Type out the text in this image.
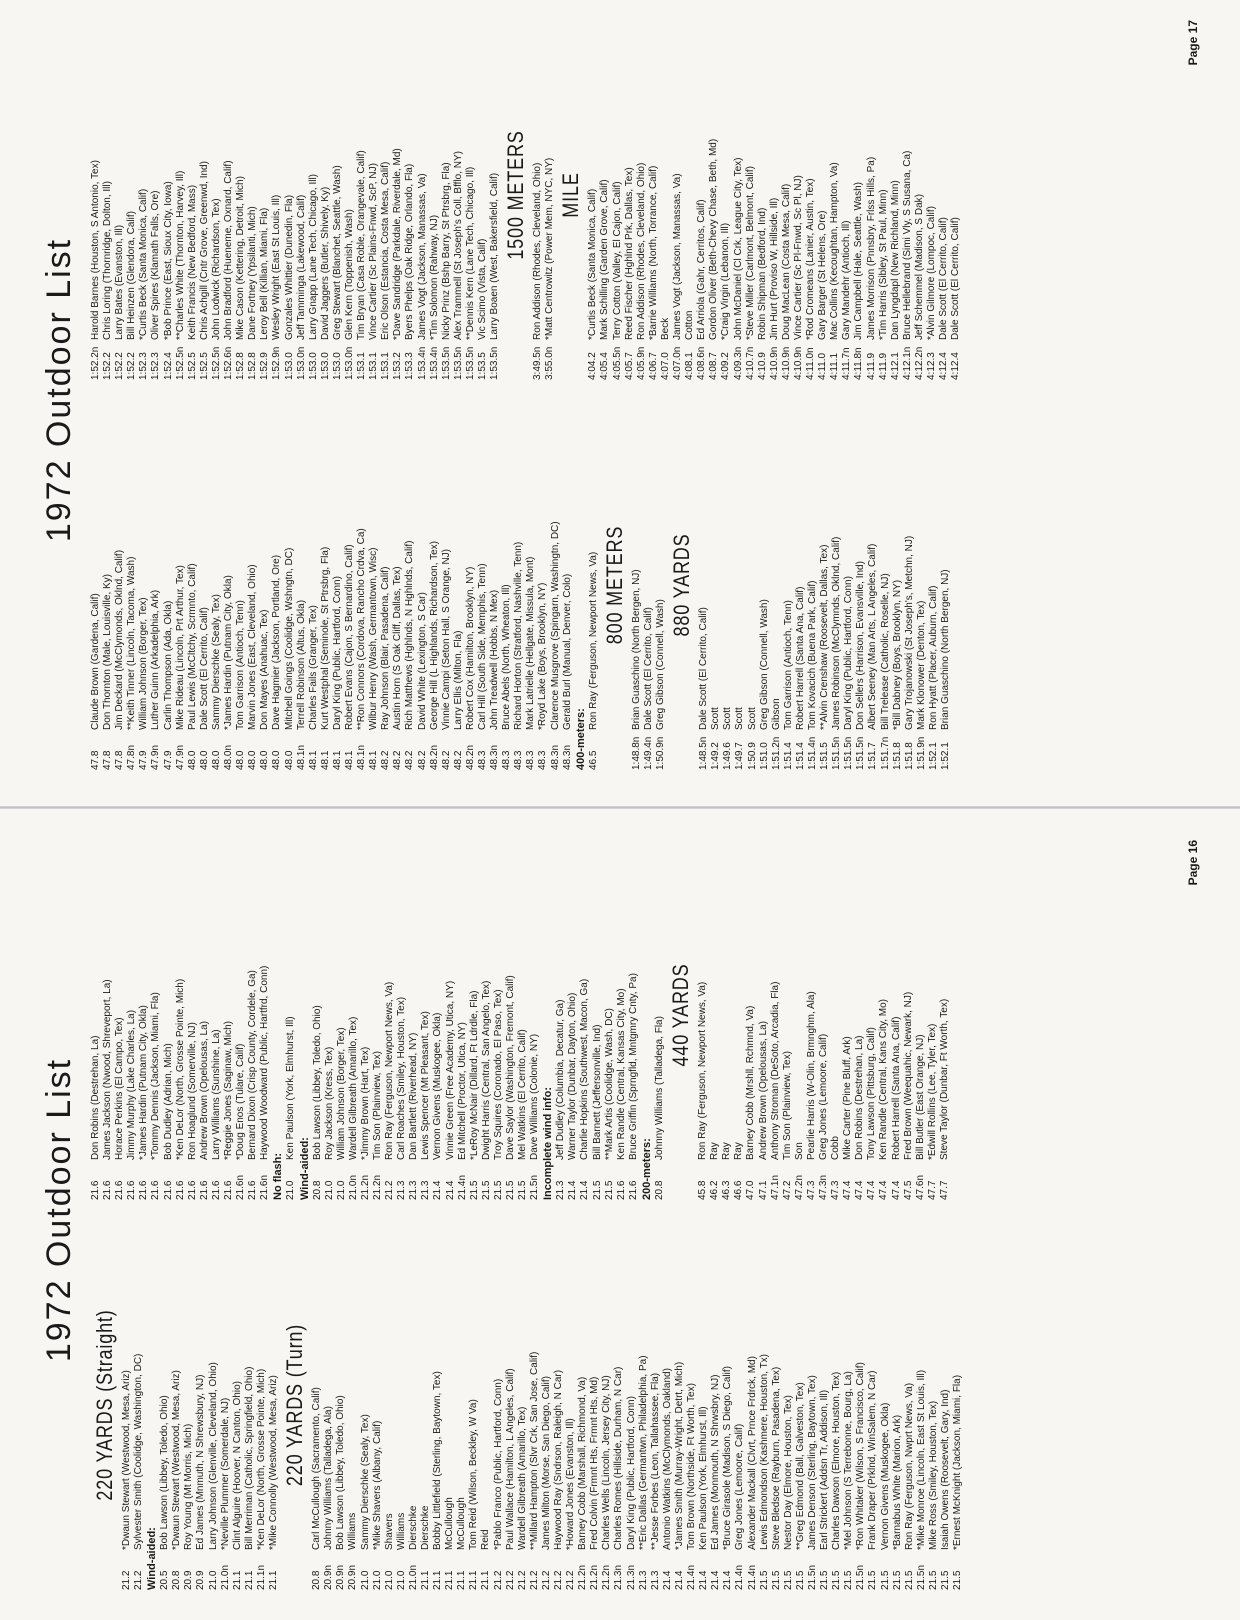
1972 Outdoor List
220 YARDS (Straight)
21.2
*Dwaun Stewart (Westwood, Mesa, Ariz)
21.2
Sylvester Smith (Coolidge, Washington, DC)
Wind-aided: 20.5
Bob Lawson (Libbey, Toledo, Ohio)
20.8
*Dwaun Stewart (Westwood, Mesa, Ariz)
20.9
Roy Young (Mt Morris, Mich)
20.9
Ed James (Mnmuth, N Shrewsbury, NJ)
21.0
Larry Johnson (Glenville, Cleveland, Ohio)
21.0n
*Neville Plummer (Somerdale, NJ)
21.1
Clint Alguire (Hoover, N Canton, Ohio)
21.1
Bill Merriman (Catholic, Springfield, Ohio)
21.1n
*Ken DeLor (North, Grosse Pointe, Mich)
21.1
*Mike Connolly (Westwood, Mesa, Ariz) 220 YARDS (Turn)
20.8
Carl McCullough (Sacramento, Calif)
20.9n
Johnny Williams (Talladega, Ala)
20.9n
Bob Lawson (Libbey, Toledo, Ohio)
20.9n
Williams
21.0
Sammy Dierschke (Sealy, Tex)
21.0
*Mike Shavers (Albany, Calif)
21.0
Shavers
21.0
Williams
21.0n
Dierschke
21.1
Dierschke
21.1
Bobby Littlefield (Sterling, Baytown, Tex)
21.1
McCullough
21.1
McCullough
21.1
Tom Reid (Wilson, Beckley, W Va)
21.1
Reid
21.2
*Pablo Franco (Public, Hartford, Conn)
21.2
Paul Wallace (Hamilton, L Angeles, Calif)
21.2
Wardell Gilbreath (Amarillo, Tex)
21.2
**Millard Hampton (Slvr Crk, San Jose, Calif)
21.2
James Milton (Morse, San Diego, Calif)
21.2
Haywood Ray (Sndrson, Raleigh, N Car)
21.2
*Howard Jones (Evanston, Ill)
21.2n
Barney Cobb (Marshall, Richmond, Va)
21.2n
Fred Colvin (Frmnt Hts, Frmnt Hts, Md)
21.2n
Charles Wells (Lincoln, Jersey City, NJ)
21.3n
Charles Romes (Hillside, Durham, N Car)
21.3n
Daryl King (Public, Hartford, Conn)
21.3
**Eric Dallas (Germantwn, Philadelphia, Pa)
21.3
**Jesse Forbes (Leon, Tallahassee, Fla)
21.4
Antonio Watkins (McClymonds, Oakland)
21.4
*James Smith (Murray-Wright, Detrt, Mich)
21.4n
Tom Brown (Northside, Ft Worth, Tex)
21.4
Ken Paulson (York, Elmhurst, Ill)
21.4
Ed James (Monmouth, N Shrwsbry, NJ)
21.4
*Bruce Girasole (Madison, S Diego, Calif)
21.4n
Greg Jones (Lemoore, Calif)
21.4n
Alexander Mackall (Clvrt, Prnce Frdrck, Md)
21.5
Lewis Edmondson (Kashmere, Houston, Tx)
21.5
Steve Bledsoe (Rayburn, Pasadena, Tex)
21.5
Nestor Day (Elmore, Houston, Tex)
21.5
**Greg Edmond (Ball, Galveston, Tex)
21.5n
James Denson (Sterling, Baytown, Tex)
21.5
Earl Strickert (Addsn Tr, Addison, Ill)
21.5
Charles Dawson (Elmore, Houston, Tex)
21.5
*Mel Johnson (S Terrebonne, Bourg, La)
21.5n
*Ron Whitaker (Wilson, S Francisco, Calif)
21.5
Frank Draper (Prklnd, WinSalem, N Car)
21.5
Vernon Givens (Muskogee, Okla)
21.5
*Barnabus White (Marion, Ark)
21.5
Ron Ray (Ferguson, Nwprt News, Va)
21.5n
*Mike Monroe (Lincoln, East St Louis, Ill)
21.5
Mike Ross (Smiley, Houston, Tex)
21.5
Isaiah Owens (Roosevelt, Gary, Ind)
21.5
*Ernest McKnight (Jackson, Miami, Fla)
21.6
Don Robins (Destrehan, La)
21.6
James Jackson (Nwood, Shreveport, La)
21.6
Horace Perkins (El Campo, Tex)
21.6
Jimmy Murphy (Lake Charles, La)
21.6
*James Hardin (Putnam City, Okla)
21.6
*Tommy Dennis (Jackson, Miami, Fla)
21.6
Bob Dudley (Adrian, Mich)
21.6
*Ken DeLor (North, Grosse Pointe, Mich)
21.6
Ron Hoaglund (Somerville, NJ)
21.6
Andrew Brown (Opelousas, La)
21.6
Larry Williams (Sunshine, La)
21.6
*Reggie Jones (Saginaw, Mich)
21.6n
*Doug Enos (Tulare, Calif)
21.6
Bernard Dixon (Crisp County, Cordele, Ga)
21.6n
Haywood Woodward (Public, Hartfrd, Conn)
No flash: 21.0
Ken Paulson (York, Elmhurst, Ill)
Wind-aided: 20.8
Bob Lawson (Libbey, Toledo, Ohio)
21.0
Roy Jackson (Kress, Tex)
21.0
William Johnson (Borger, Tex)
21.0n
Wardell Gilbreath (Amarillo, Tex)
21.2n
*Jimmy Brown (Hart, Tex)
21.2n
Tim Son (Plainview, Tex)
21.2
Ron Ray (Ferguson, Newport News, Va)
21.3
Carl Roaches (Smiley, Houston, Tex)
21.3
Dan Bartlett (Riverhead, NY)
21.3
Lewis Spencer (Mt Pleasant, Tex)
21.4
Vernon Givens (Muskogee, Okla)
21.4
Vinnie Green (Free Academy, Utica, NY)
21.4n
Ed Mitchell (Proctor, Utica, NY)
21.5
*LeRoy McNair (Dillard, Ft Ldrdle, Fla)
21.5
Dwight Harris (Central, San Angelo, Tex)
21.5
Troy Squires (Coronado, El Paso, Tex)
21.5
Dave Saylor (Washington, Fremont, Calif)
21.5
Mel Watkins (El Cerrito, Calif)
21.5n
Dave Williams (Colonie, NY) Incomplete wind info: 21.3
Jeff Dudley (Columbia, Decatur, Ga)
21.4
Warner Taylor (Dunbar, Dayton, Ohio)
21.4
Charlie Hopkins (Southwest, Macon, Ga)
21.5
Bill Barnett (Jeffersonville, Ind)
21.5
**Mark Artis (Coolidge, Wash, DC)
21.6
Ken Randle (Central, Kansas City, Mo)
21.6
Bruce Griffin (Sprngfld, Mntgmry Cnty, Pa)
200-meters: 20.8
Johnny Williams (Talladega, Fla)
440 YARDS
45.8
Ron Ray (Ferguson, Newport News, Va)
46.2
Ray
46.3
Ray
46.6
Ray
47.0
Barney Cobb (Mrshll, Rchmnd, Va)
47.1
Andrew Brown (Opelousas, La)
47.1n
Anthony Stroman (DeSoto, Arcadia, Fla)
47.2
Tim Son (Plainview, Tex)
47.2n
Son
47.3
Pearlie Harris (W-Olin, Brmnghm, Ala)
47.3n
Greg Jones (Lemoore, Calif)
47.3
Cobb
47.4
Mike Carter (Pine Bluff, Ark)
47.4
Don Robins (Destrehan, La)
47.4
Tony Lawson (Pittsburg, Calif)
47.4
Ken Randle (Central, Kans City, Mo)
47.4
Robert Harrell (Santa Ana, Calif)
47.5
Fred Brown (Weequahic, Newark, NJ)
47.6n
Bill Butler (East Orange, NJ)
47.7
*Edwill Rollins (Lee, Tyler, Tex)
47.7
Steve Taylor (Dunbar, Ft Worth, Tex)
Page 16
1972 Outdoor List
47.8
Claude Brown (Gardena, Calif)
47.8
Don Thornton (Male, Louisville, Ky)
47.8
Jim Deckard (McClymonds, Oklnd, Calif)
47.8n
**Keith Tinner (Lincoln, Tacoma, Wash)
47.9
William Johnson (Borger, Tex)
47.9n
Luther Guinn (Arkadelphia, Ark)
47.9
Carlin Thompson (Ada, Okla)
47.9n
Mike Rideau (Lincoln, Prt Arthur, Tex)
48.0
Paul Lewis (McCltchy, Scrmnto, Calif)
48.0
Dale Scott (El Cerrito, Calif)
48.0
Sammy Dierschke (Sealy, Tex)
48.0n
*James Hardin (Putnam City, Okla)
48.0
Tom Garrison (Antioch, Tenn)
48.0
Marvin Jones (East, Cleveland, Ohio)
48.0
Don Mayes (Anahuac, Tex)
48.0
Dave Hagmier (Jackson, Portland, Ore)
48.0
Mitchell Goings (Coolidge, Wshngtn, DC)
48.1n
Terrell Robinson (Altus, Okla)
48.1
Charles Fails (Granger, Tex)
48.1
Kurt Westphal (Seminole, St Ptrsbrg, Fla)
48.1
Daryl King (Public, Hartford, Conn)
48.1
Robert Evans (Cajon, S Bernardino, Calif)
48.1n
**Ron Connors (Cordova, Rancho Crdva, Ca)
48.1
Wilbur Henry (Wash, Germantown, Wisc)
48.2
Ray Johnson (Blair, Pasadena, Calif)
48.2
Austin Horn (S Oak Cliff, Dallas, Tex)
48.2
Rich Matthews (Hghlnds, N Hghlnds, Calif)
48.2
David White (Lexington, S Car)
48.2n
George Hill (L Highlands, Richardson, Tex)
48.2
Vinnie Campi (Seton Hall, S Orange, NJ)
48.2
Larry Ellis (Milton, Fla)
48.2n
Robert Cox (Hamilton, Brooklyn, NY)
48.3
Carl Hill (South Side, Memphis, Tenn)
48.3n
John Treadwell (Hobbs, N Mex)
48.3
Bruce Abels (North, Wheaton, Ill)
48.3
Richard Horton (Stratford, Nashville, Tenn)
48.3
Mark Latrielle (Hellgate, Missula, Mont)
48.3
*Royd Lake (Boys, Brooklyn, NY)
48.3n
Clarence Musgrove (Spingarn, Washingtn, DC)
48.3n
Gerald Burl (Manual, Denver, Colo)
400-meters: 46.5
Ron Ray (Ferguson, Newport News, Va) 800 METERS
1:48.8n
Brian Guaschino (North Bergen, NJ)
1:49.4n
Dale Scott (El Cerrito, Calif)
1:50.9n
Greg Gibson (Connell, Wash)
880 YARDS
1:48.5n
Dale Scott (El Cerrito, Calif)
1:49.2
Scott
1:49.6
Scott
1:49.7
Scott
1:50.9
Scott
1:51.0
Greg Gibson (Connell, Wash)
1:51.2n
Gibson
1:51.4
Tom Garrison (Antioch, Tenn)
1:51.4
Robert Harrell (Santa Ana, Calif)
1:51.4n
Tom Kovacich (Buena Park, Calif)
1:51.5
**Alvin Crenshaw (Roosevelt, Dallas, Tex)
1:51.5n
James Robinson (McClymnds, Oklnd, Calif)
1:51.5n
Daryl King (Public, Hartford, Conn)
1:51.5n
Don Sellers (Harrison, Evansville, Ind)
1:51.7
Albert Seeney (Man Arts, L Angeles, Calif)
1:51.7n
Bill Trelease (Catholic, Roselle, NJ)
1:51.8
*Bill Dabney (Boys, Brooklyn, NY)
1:51.8
Gary Trojanowski (St Joseph's, Metchn, NJ)
1:51.9n
Mark Klonower (Denton, Tex)
1:52.1
Ron Hyatt (Placer, Auburn, Calif)
1:52.1
Brian Guaschino (North Bergen, NJ)
1:52.2n
Harold Barnes (Houston, S Antonio, Tex)
1:52.2
Chris Loring (Thornridge, Dolton, Ill)
1:52.2
Larry Bates (Evanston, Ill)
1:52.2
Bill Heinzen (Glendora, Calif)
1:52.3
*Curtis Beck (Santa Monica, Calif)
1:52.3
Oliver Spires (Klamath Falls, Ore)
1:52.4
*Bob Prince (East, Sioux City, Iowa)
1:52.5n
**Charles White (Thornton, Harvey, Ill)
1:52.5
Keith Francis (New Bedford, Mass)
1:52.5
Chris Achgill (Cntr Grove, Greenwd, Ind)
1:52.5n
John Lodwick (Richardson, Tex)
1:52.6n
John Bradford (Hueneme, Oxnard, Calif)
1:52.8
Mike Cason (Kettering, Detroit, Mich)
1:52.8
Dane Fortney (Ypsilanti, Mich)
1:52.9
Leroy Bell (Killian, Miami, Fla)
1:52.9n
Wesley Wright (East St Louis, Ill)
1:53.0
Gonzales Whittier (Dunedin, Fla)
1:53.0n
Jeff Tamminga (Lakewood, Calif)
1:53.0
Larry Gnapp (Lane Tech, Chicago, Ill)
1:53.0
David Jaggers (Butler, Shively, Ky)
1:53.0
Greg Stewart (Blanchet, Seattle, Wash)
1:53.0n
Glen Kern (Toppenish, Wash)
1:53.1
Tim Bryan (Casa Roble, Orangevale, Calif)
1:53.1
Vince Cartier (Sc Plains-Fnwd, ScP, NJ)
1:53.1
Eric Olson (Estancia, Costa Mesa, Calif)
1:53.2
*Dave Sandridge (Parkdale, Riverdale, Md)
1:53.3
Byers Phelps (Oak Ridge, Orlando, Fla)
1:53.4n
James Vogt (Jackson, Manassas, Va)
1:53.4n
*Tim Solomon (Rahway, NJ)
1:53.5n
Nicky Prinz (Bshp Barry, St Ptrsbrg, Fla)
1:53.5n
Alex Trammell (St Joseph's Coll, Bfflo, NY)
1:53.5n
**Dennis Kern (Lane Tech, Chicago, Ill)
1:53.5
Vic Scimo (Vista, Calif)
1:53.5n
Larry Boaen (West, Bakersfield, Calif) 1500 METERS
3:49.5n
Ron Addison (Rhodes, Cleveland, Ohio)
3:55.0n
*Matt Centrowitz (Power Mem, NYC, NY) MILE
4:04.2
*Curtis Beck (Santa Monica, Calif)
4:05.4
Mark Schilling (Garden Grove, Calif)
4:05.5n
Terry Cotton (Valley, El Cajon, Calif)
4:05.7
Reed Fischer (Hghlnd Prk, Dallas, Tex)
4:05.9n
Ron Addison (Rhodes, Cleveland, Ohio)
4:06.7
*Barrie Williams (North, Torrance, Calif)
4:07.0
Beck
4:07.0n
James Vogt (Jackson, Manassas, Va)
4:08.1
Cotton
4:08.6n
Ed Arriola (Gahr, Cerritos, Calif)
4:08.7
Gordon Oliver (Beth-Chevy Chase, Beth, Md)
4:09.2
*Craig Virgin (Lebanon, Ill)
4:09.3n
John McDaniel (Cl Crk, League City, Tex)
4:10.7n
*Steve Miller (Carlmont, Belmont, Calif)
4:10.9
Robin Shipman (Bedford, Ind)
4:10.9n
Jim Hurt (Proviso W, Hillside, Ill)
4:10.9n
Doug MacLean (Costa Mesa, Calif)
4:10.9n
Vince Cartier (Sc Pl-Fnwd, Sc Pl, NJ)
4:11.0n
*Rod Cromeans (Lanier, Austin, Tex)
4:11.0
Gary Barger (St Helens, Ore)
4:11.1
Mac Collins (Kecoughtan, Hampton, Va)
4:11.7n
Gary Mandehr (Antioch, Ill)
4:11.8n
Jim Campbell (Hale, Seattle, Wash)
4:11.9
James Morrison (Pnnsbry, Frlss Hills, Pa)
4:11.9
*Tim Harris (Sibley, St Paul, Minn)
4:12.1
Dan Lyngdapl (New Richland, Minn)
4:12.1n
Bruce Hellebrand (Simi Vly, S Susana, Ca)
4:12.2n
Jeff Schemmel (Madison, S Dak)
4:12.3
*Alvin Gilmore (Lompoc, Calif)
4:12.4
Dale Scott (El Cerrito, Calif)
4:12.4
Dale Scott (El Cerrito, Calif)
Page 17
